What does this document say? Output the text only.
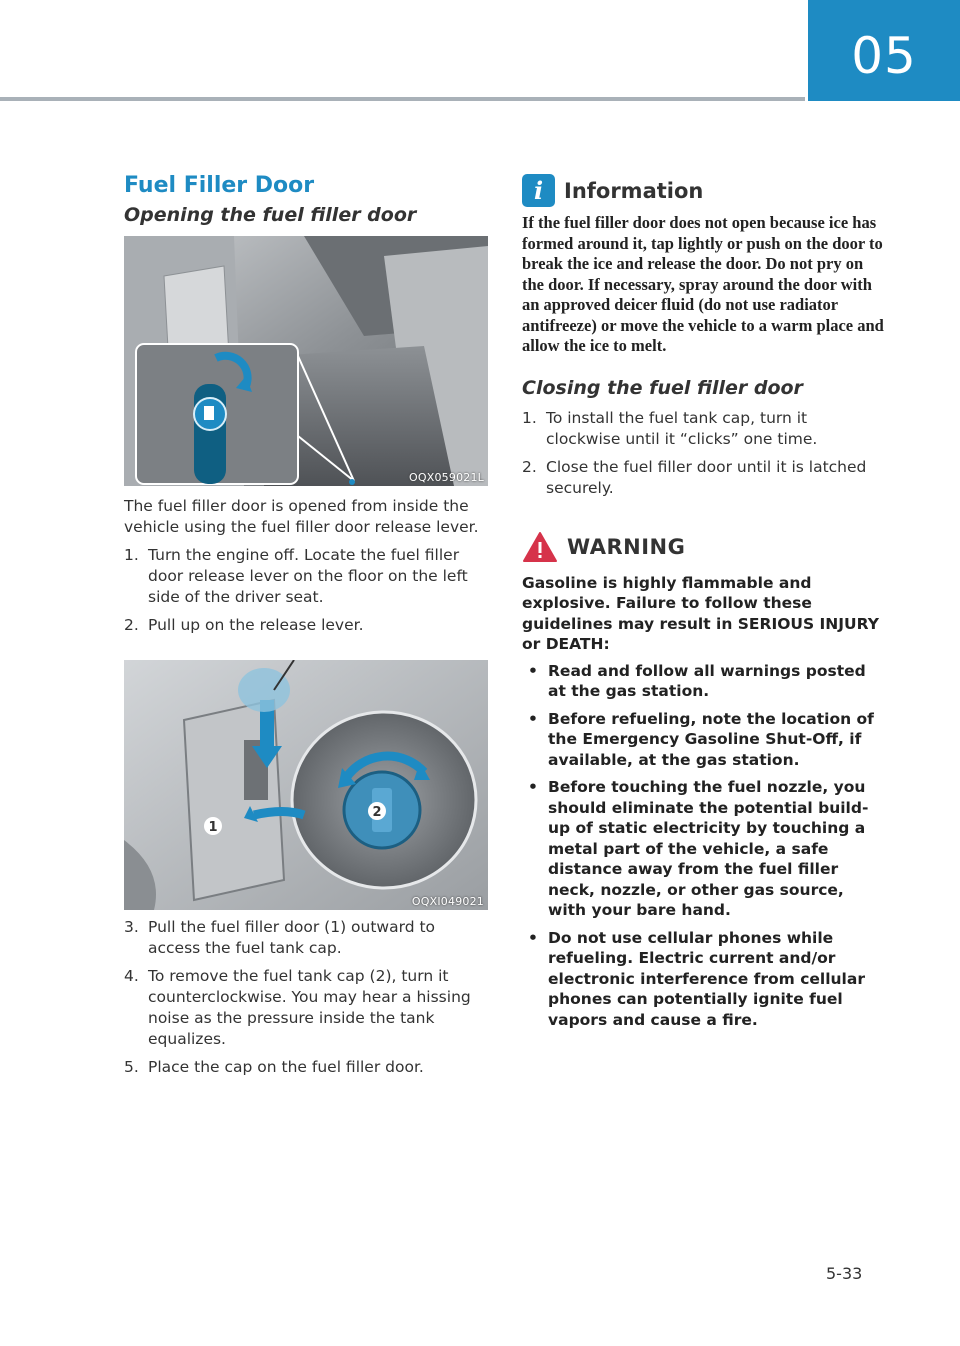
05
Fuel Filler Door
Opening the fuel filler door
OQX059021L

The fuel filler door is opened from inside the vehicle using the fuel filler door release lever.

1. Turn the engine off. Locate the fuel filler door release lever on the floor on the left side of the driver seat.
2. Pull up on the release lever.
1
2
OQXI049021
3. Pull the fuel filler door (1) outward to access the fuel tank cap.
4. To remove the fuel tank cap (2), turn it counterclockwise. You may hear a hissing noise as the pressure inside the tank equalizes.
5. Place the cap on the fuel filler door.
i Information

If the fuel filler door does not open because ice has formed around it, tap lightly or push on the door to break the ice and release the door. Do not pry on the door. If necessary, spray around the door with an approved deicer fluid (do not use radiator antifreeze) or move the vehicle to a warm place and allow the ice to melt.

Closing the fuel filler door
1. To install the fuel tank cap, turn it clockwise until it “clicks” one time.
2. Close the fuel filler door until it is latched securely.
WARNING

Gasoline is highly flammable and explosive. Failure to follow these guidelines may result in SERIOUS INJURY or DEATH:

• Read and follow all warnings posted at the gas station.
• Before refueling, note the location of the Emergency Gasoline Shut-Off, if available, at the gas station.
• Before touching the fuel nozzle, you should eliminate the potential build-up of static electricity by touching a metal part of the vehicle, a safe distance away from the fuel filler neck, nozzle, or other gas source, with your bare hand.
• Do not use cellular phones while refueling. Electric current and/or electronic interference from cellular phones can potentially ignite fuel vapors and cause a fire.
5-33
